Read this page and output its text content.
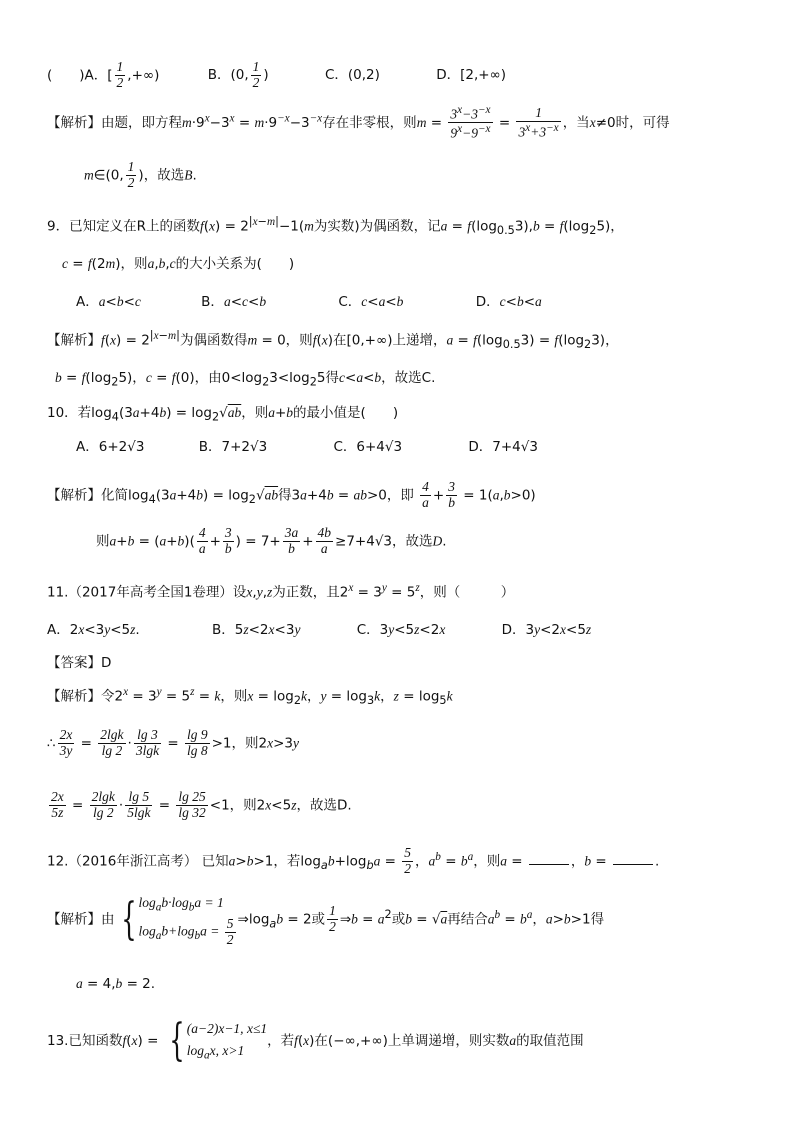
(　　)A．[ $\frac{1}{2}$ ,+∞)	B．(0, $\frac{1}{2}$ )	C．(0,2)	D．[2,+∞)
【解析】由题，即方程$m\cdot 9^x-3^x = m\cdot 9^{-x}-3^{-x}$存在非零根，则$m = \frac{3^x-3^{-x}}{9^x-9^{-x}} = \frac{1}{3^x+3^{-x}}$ ，当x≠0时，可得
m∈(0, $\frac{1}{2}$ )，故选B.
9．已知定义在R上的函数$f(x) = 2^{|x-m|}-1(m$为实数)为偶函数，记$a = f(\log_{0.5}3),b = f(\log_25)$，
c = f(2m)，则a,b,c的大小关系为(　　)
A．a<b<c	B．a<c<b	C．c<a<b	D．c<b<a
【解析】$f(x) = 2^{|x-m|}$为偶函数得m = 0，则f(x)在[0,+∞)上递增，$a = f(\log_{0.5}3) = f(\log_23)$，
$b = f(\log_25)$，c = f(0)，由$0<\log_23<\log_25$得c<a<b，故选C.
10．若$\log_4(3a+4b) = \log_2√ab$，则a+b的最小值是(　　)
A．6+2√3	B．7+2√3	C．6+4√3	D．7+4√3
【解析】化简$\log_4(3a+4b) = \log_2√ab$得3a+4b = ab>0，即 $\frac{4}{a} + \frac{3}{b} = 1(a,b>0)$
则$a+b = (a+b)( \frac{4}{a} + \frac{3}{b}$ ) = $7+ \frac{3a}{b} + \frac{4b}{a} \ge 7+4√3$，故选D.
11.（2017年高考全国1卷理）设x,y,z为正数，且$2^x = 3^y = 5^z$，则（　　　）
A．2x<3y<5z.	B．5z<2x<3y	C．3y<5z<2x	D．3y<2x<5z
【答案】D
【解析】令$2^x = 3^y = 5^z = k$，则$x = \log_2k$，$y = \log_3k$，$z = \log_5k$
∴ $\frac{2x}{3y} = \frac{2\lg k}{\lg 2} \cdot \frac{\lg 3}{3\lg k} = \frac{\lg 9}{\lg 8} >1$，则2x>3y
$\frac{2x}{5z} = \frac{2\lg k}{\lg 2} \cdot \frac{\lg 5}{5\lg k} = \frac{\lg 25}{\lg 32} <1$，则2x<5z，故选D.
12.（2016年浙江高考） 已知a>b>1，若$\log_ab+\log_ba = \frac{5}{2}$ ，$a^b = b^a$，则a =	，b =	.
【解析】由 { $\log_ab\cdot\log_ba = 1$
$\log_ab+\log_ba = \frac{5}{2}$ $\Rightarrow\log_ab = 2$或 $\frac{1}{2}$ ⇒b = $a^2$或b = √a再结合$a^b = b^a$，a>b>1得
a = 4,b = 2.
13.已知函数f(x) = { (a−2)x−1, x≤1
$\log_ax$, x>1
，若f(x)在(−∞,+∞)上单调递增，则实数a的取值范围
